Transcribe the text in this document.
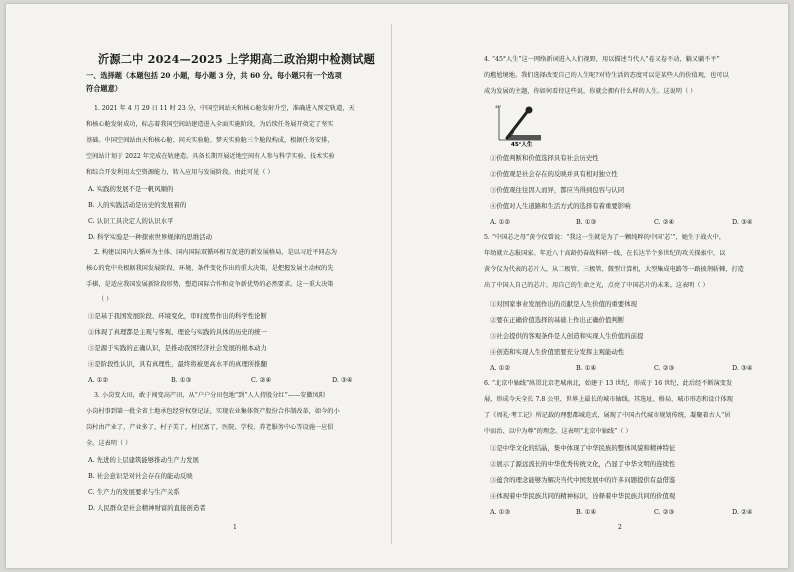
沂源二中 2024—2025 上学期高二政治期中检测试题
一、选择题（本题包括 20 小题，每小题 3 分，共 60 分。每小题只有一个选项
符合题意）
1. 2021 年 4 月 29 日 11 时 23 分，中国空间站天和核心舱发射升空，准确进入预定轨道，天
和核心舱发射成功，标志着我国空间站建造进入全面实施阶段，为后续任务展开奠定了坚实
基础。中国空间站由天和核心舱、问天实验舱、梦天实验舱三个舱段构成，根据任务安排，
空间站计划于 2022 年完成在轨建造。具备长期开展近地空间有人参与科学实验、技术实验
和综合开发利用太空资源能力，转入应用与发展阶段。由此可见（ ）
A. 实践的发展不是一帆风顺的
B. 人的实践活动是历史的发展着的
C. 认识工具决定人的认识水平
D. 科学实验是一种探索世界规律的思维活动
2. 构建以国内大循环为主体、国内国际双循环相互促进的新发展格局，是以习近平同志为
核心的党中央根据我国发展阶段、环境、条件变化作出的重大决策，是把握发展主动权的先
手棋，是适应我国发展新阶段形势，塑造国际合作和竞争新优势的必然要求。这一重大决策
（ ）
①是基于我国发展阶段、环境变化，审时度势作出的科学性论断
②体现了真理都是主观与客观、理论与实践的具体的历史的统一
③是源于实践的正确认识，是推动我国经济社会发展的根本动力
④是阶段性认识，具有真理性，最终将被更高水平的真理所推翻
A. ①②	B. ①③	C. ②④	D. ③④
3. 小岗变大田，敢于闯变高产田，从“户户分田包地”到“人人持股分红”——安徽凤阳
小岗村事到第一批全省土地承包经营权登记证，实现农业集体资产股份合作制改革，如今的小
岗村由产业了，产业多了，村子美了，村民富了，医院、学校、养老服务中心等设施一应俱
全。这表明（ ）
A. 先进的上层建筑能够推动生产力发展
B. 社会意识是对社会存在的能动反映
C. 生产力的发展要求与生产关系
D. 人民群众是社会精神财富的直接创造者
1
4. “45°人生”这一网络新词进入人们视野，用以描述当代人“卷又卷不动，躺又躺不平”
的尴尬境地。我们选择改变自己的人生呢?对待生活的态度可以是某些人的价值观，也可以
成为发展的主题，你如何看待这些说，你就会拥有什么样的人生。这说明（ ）
45°人生
45°
①价值判断和价值选择具有社会历史性
②价值观是社会存在的反映并具有相对独立性
③价值观往往因人而异，都应当得到包容与认同
④价值对人生道路和生活方式的选择有着重要影响
A. ①②	B. ①③	C. ②④	D. ③④
5. “中国芯之母”黄令仪曾说：“我这一生就是为了一颗纯粹的中国‘芯’”，她生于战火中，
年幼就立志报国家。年近八十高龄仍奋战科研一线，在长达半个多世纪的攻关探索中，以
黄令仪为代表的芯片人，从二极管、三极管、微型计算机，大型集成电路等一路披荆斩棘，打造
出了中国人自己的芯片，用自己的生命之光，点亮了中国芯片的未来。这表明（ ）
①对国家事业发展作出的贡献是人生价值的重要体现
②要在正确价值选择的基础上作出正确价值判断
③社会提供的客观条件是人创造和实现人生价值的前提
④创造和实现人生价值需要充分发挥主观能动性
A. ①②	B. ①④	C. ②③	D. ③④
6. “北京中轴线”纵贯北京老城南北，始建于 13 世纪，形成于 16 世纪，此后经不断演变发
展，形成今天全长 7.8 公里、世界上最长的城市轴线。其选址、格局、城市形态和设计体现
了《周礼·考工记》所记载的理想都城范式，展现了中国古代城市规划传统，凝聚着古人“居
中而治、以中为尊”的理念。这表明“北京中轴线”（ ）
①是中华文化的结晶，集中体现了中华民族的整体风貌和精神特征
②展示了源远流长的中华优秀传统文化，凸显了中华文明的连续性
③蕴含的理念能够为解决当代中国发展中的许多问题提供有益借鉴
④体现着中华民族共同的精神标识，诠释着中华民族共同的价值观
A. ①③	B. ①④	C. ②③	D. ②④
2
